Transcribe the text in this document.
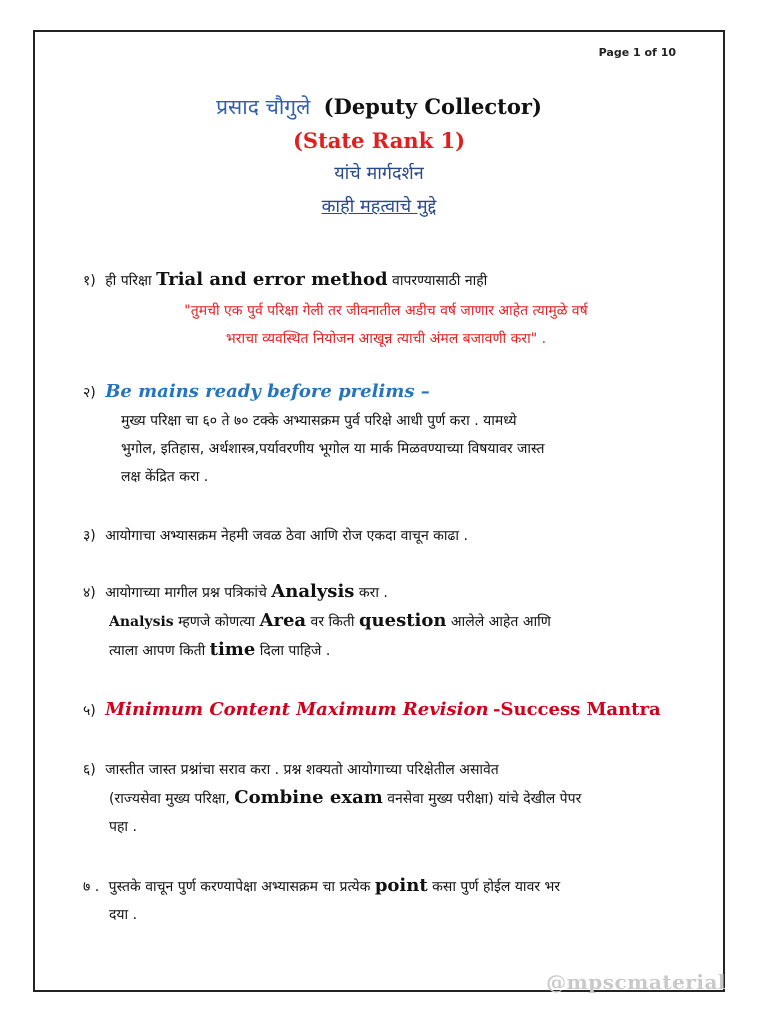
Page 1 of 10
प्रसाद चौगुले (Deputy Collector)
(State Rank 1)
यांचे मार्गदर्शन
काही महत्वाचे मुद्दे
१) ही परिक्षा Trial and error method वापरण्यासाठी नाही
"तुमची एक पुर्व परिक्षा गेली तर जीवनातील अडीच वर्ष जाणार आहेत त्यामुळे वर्ष
भराचा व्यवस्थित नियोजन आखून्न त्याची अंमल बजावणी करा" .
२) Be mains ready before prelims –
मुख्य परिक्षा चा ६० ते ७० टक्के अभ्यासक्रम पुर्व परिक्षे आधी पुर्ण करा . यामध्ये
भुगोल, इतिहास, अर्थशास्त्र,पर्यावरणीय भूगोल या मार्क मिळवण्याच्या विषयावर जास्त
लक्ष केंद्रित करा .
३) आयोगाचा अभ्यासक्रम नेहमी जवळ ठेवा आणि रोज एकदा वाचून काढा .
४) आयोगाच्या मागील प्रश्न पत्रिकांचे Analysis करा .
Analysis म्हणजे कोणत्या Area वर किती question आलेले आहेत आणि
त्याला आपण किती time दिला पाहिजे .
५) Minimum Content Maximum Revision -Success Mantra
६) जास्तीत जास्त प्रश्नांचा सराव करा . प्रश्न शक्यतो आयोगाच्या परिक्षेतील असावेत
(राज्यसेवा मुख्य परिक्षा, Combine exam वनसेवा मुख्य परीक्षा) यांचे देखील पेपर
पहा .
७ . पुस्तके वाचून पुर्ण करण्यापेक्षा अभ्यासक्रम चा प्रत्येक point कसा पुर्ण होईल यावर भर
दया .
@mpscmaterial
